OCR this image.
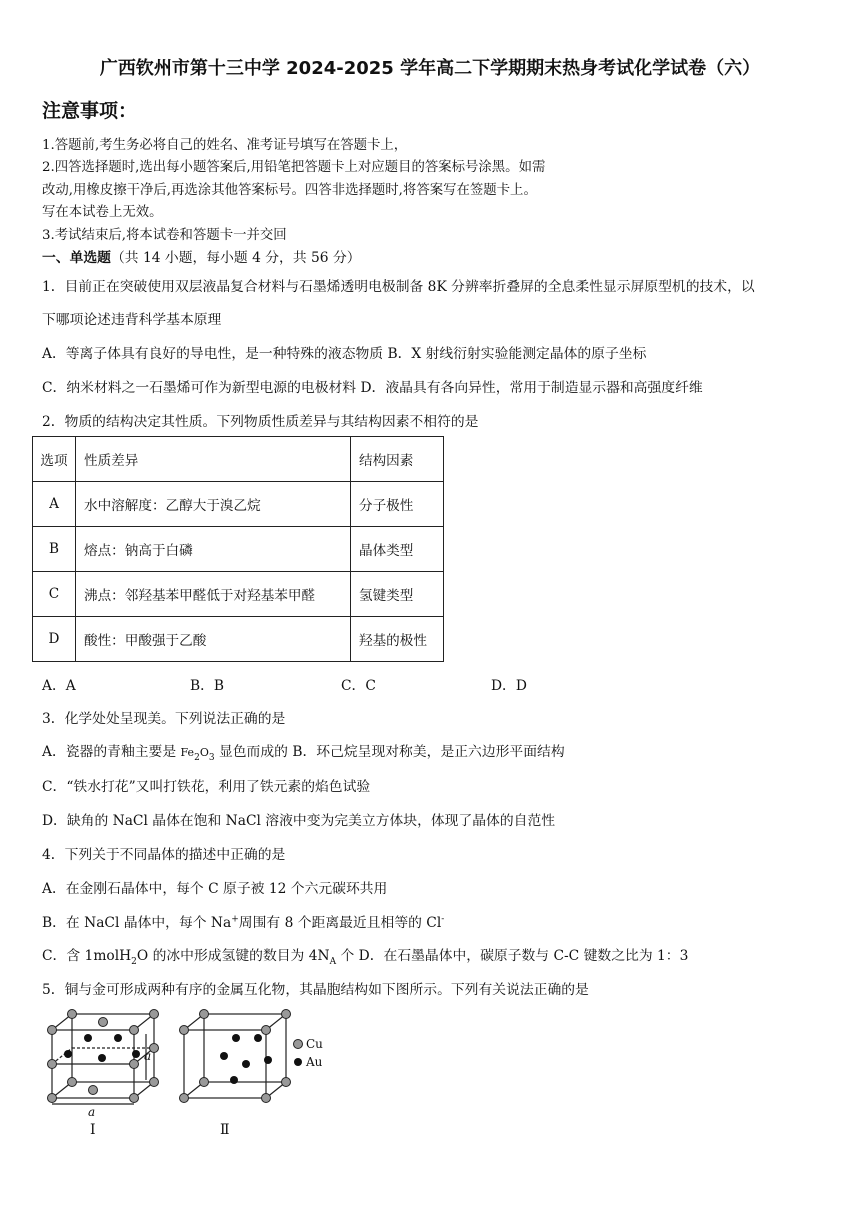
广西钦州市第十三中学 2024-2025 学年高二下学期期末热身考试化学试卷（六）
注意事项：
1.答题前,考生务必将自己的姓名、准考证号填写在答题卡上，
2.四答选择题时,选出每小题答案后,用铅笔把答题卡上对应题目的答案标号涂黑。如需
改动,用橡皮擦干净后,再选涂其他答案标号。四答非选择题时,将答案写在签题卡上。
写在本试卷上无效。
3.考试结束后,将本试卷和答题卡一并交回
一、单选题（共 14 小题，每小题 4 分，共 56 分）
1．目前正在突破使用双层液晶复合材料与石墨烯透明电极制备 8K 分辨率折叠屏的全息柔性显示屏原型机的技术，以
下哪项论述违背科学基本原理
A．等离子体具有良好的导电性，是一种特殊的液态物质 B．X 射线衍射实验能测定晶体的原子坐标
C．纳米材料之一石墨烯可作为新型电源的电极材料 D．液晶具有各向异性，常用于制造显示器和高强度纤维
2．物质的结构决定其性质。下列物质性质差异与其结构因素不相符的是
选项	性质差异	结构因素
A	水中溶解度：乙醇大于溴乙烷	分子极性
B	熔点：钠高于白磷	晶体类型
C	沸点：邻羟基苯甲醛低于对羟基苯甲醛	氢键类型
D	酸性：甲酸强于乙酸	羟基的极性
A．A	B．B	C．C	D．D
3．化学处处呈现美。下列说法正确的是
A．瓷器的青釉主要是 $Fe_2O_3$ 显色而成的 B．环己烷呈现对称美，是正六边形平面结构
C．“铁水打花”又叫打铁花，利用了铁元素的焰色试验
D．缺角的 NaCl 晶体在饱和 NaCl 溶液中变为完美立方体块，体现了晶体的自范性
4．下列关于不同晶体的描述中正确的是
A．在金刚石晶体中，每个 C 原子被 12 个六元碳环共用
B．在 NaCl 晶体中，每个 Na+周围有 8 个距离最近且相等的 Cl-
C．含 1molH$_2$O 的冰中形成氢键的数目为 $4N_A$ 个 D．在石墨晶体中，碳原子数与 C-C 键数之比为 1：3
5．铜与金可形成两种有序的金属互化物，其晶胞结构如下图所示。下列有关说法正确的是
a
a
I	Ⅱ
Cu
Au
